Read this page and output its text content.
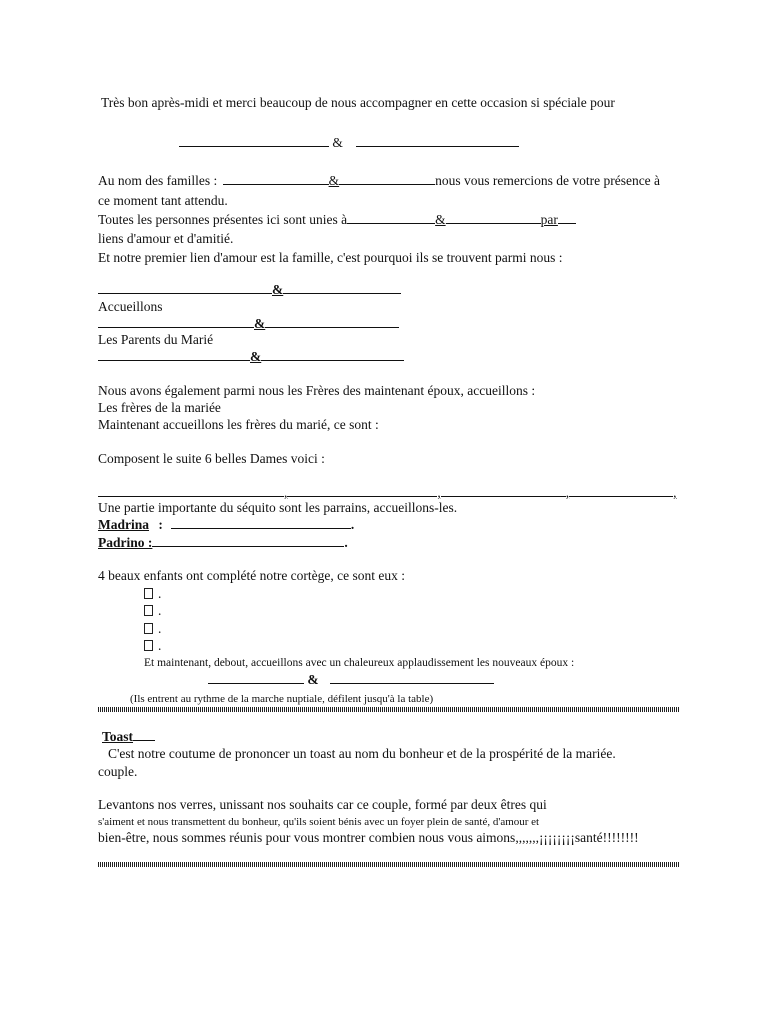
Très bon après-midi et merci beaucoup de nous accompagner en cette occasion si spéciale pour
&
Au nom des familles :	&	nous vous remercions de votre présence à
ce moment tant attendu.
Toutes les personnes présentes ici sont unies à	&	par
liens d'amour et d'amitié.
Et notre premier lien d'amour est la famille, c'est pourquoi ils se trouvent parmi nous :
&
Accueillons
&
Les Parents du Marié
&
Nous avons également parmi nous les Frères des maintenant époux, accueillons :
Les frères de la mariée
Maintenant accueillons les frères du marié, ce sont :
Composent le suite 6 belles Dames voici :
,	,	,	,
Une partie importante du séquito sont les parrains, accueillons-les.
Madrina :	.
Padrino :	.
4 beaux enfants ont complété notre cortège, ce sont eux :
.
.
.
.
Et maintenant, debout, accueillons avec un chaleureux applaudissement les nouveaux époux :
&
(Ils entrent au rythme de la marche nuptiale, défilent jusqu'à la table)
Toast
C'est notre coutume de prononcer un toast au nom du bonheur et de la prospérité de la mariée.
couple.
Levantons nos verres, unissant nos souhaits car ce couple, formé par deux êtres qui
s'aiment et nous transmettent du bonheur, qu'ils soient bénis avec un foyer plein de santé, d'amour et
bien-être, nous sommes réunis pour vous montrer combien nous vous aimons,,,,,,,¡¡¡¡¡¡¡¡santé!!!!!!!!
